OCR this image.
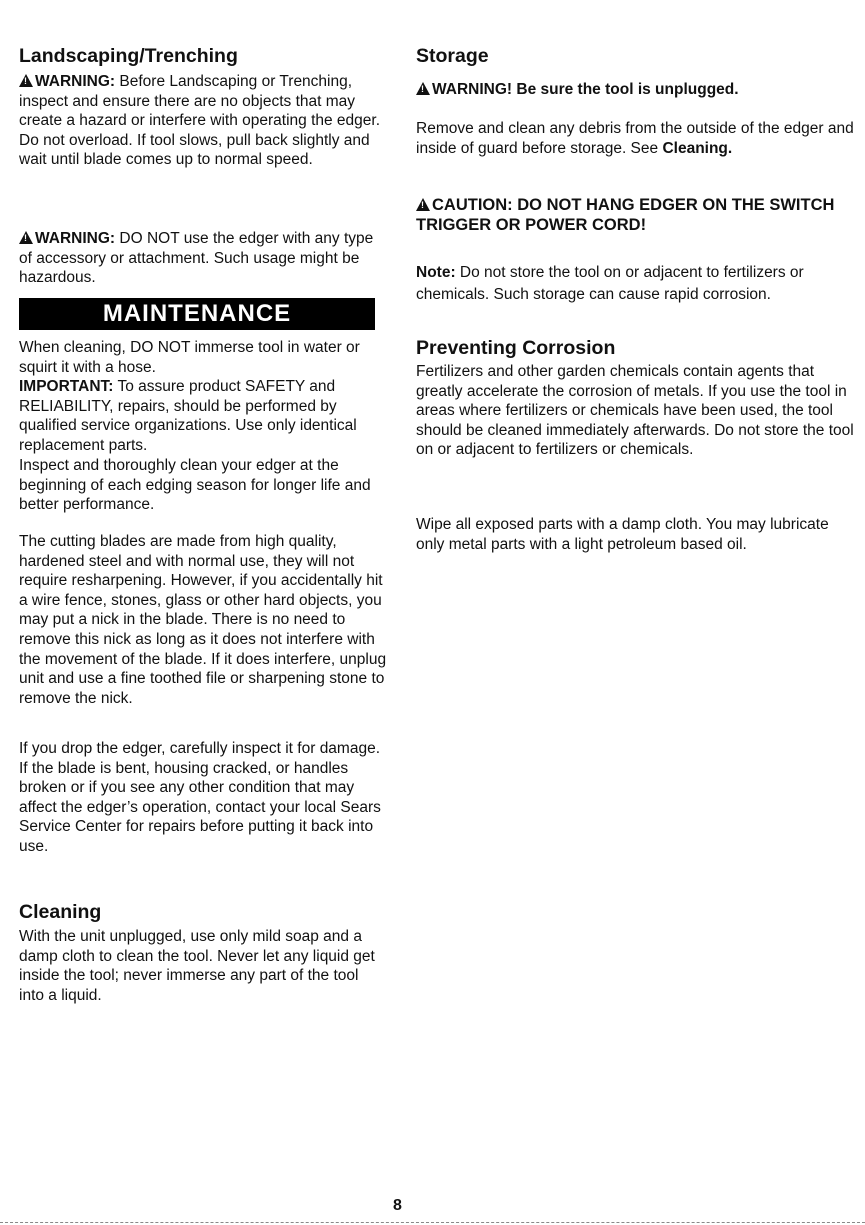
Landscaping/Trenching

!WARNING: Before Landscaping or Trenching, inspect and ensure there are no objects that may create a hazard or interfere with operating the edger. Do not overload. If tool slows, pull back slightly and wait until blade comes up to normal speed.

!WARNING: DO NOT use the edger with any type of accessory or attachment. Such usage might be hazardous.

MAINTENANCE

When cleaning, DO NOT immerse tool in water or squirt it with a hose.

IMPORTANT: To assure product SAFETY and RELIABILITY, repairs, should be performed by qualified service organizations. Use only identical replacement parts.

Inspect and thoroughly clean your edger at the beginning of each edging season for longer life and better performance.

The cutting blades are made from high quality, hardened steel and with normal use, they will not require resharpening. However, if you accidentally hit a wire fence, stones, glass or other hard objects, you may put a nick in the blade. There is no need to remove this nick as long as it does not interfere with the movement of the blade. If it does interfere, unplug unit and use a fine toothed file or sharpening stone to remove the nick.

If you drop the edger, carefully inspect it for damage. If the blade is bent, housing cracked, or handles broken or if you see any other condition that may affect the edger’s operation, contact your local Sears Service Center for repairs before putting it back into use.

Cleaning

With the unit unplugged, use only mild soap and a damp cloth to clean the tool. Never let any liquid get inside the tool; never immerse any part of the tool into a liquid.

Storage

!WARNING! Be sure the tool is unplugged.

Remove and clean any debris from the outside of the edger and inside of guard before storage. See Cleaning.

!CAUTION: DO NOT HANG EDGER ON THE SWITCH TRIGGER OR POWER CORD!

Note: Do not store the tool on or adjacent to fertilizers or chemicals. Such storage can cause rapid corrosion.

Preventing Corrosion

Fertilizers and other garden chemicals contain agents that greatly accelerate the corrosion of metals. If you use the tool in areas where fertilizers or chemicals have been used, the tool should be cleaned immediately afterwards. Do not store the tool on or adjacent to fertilizers or chemicals.

Wipe all exposed parts with a damp cloth. You may lubricate only metal parts with a light petroleum based oil.

8
